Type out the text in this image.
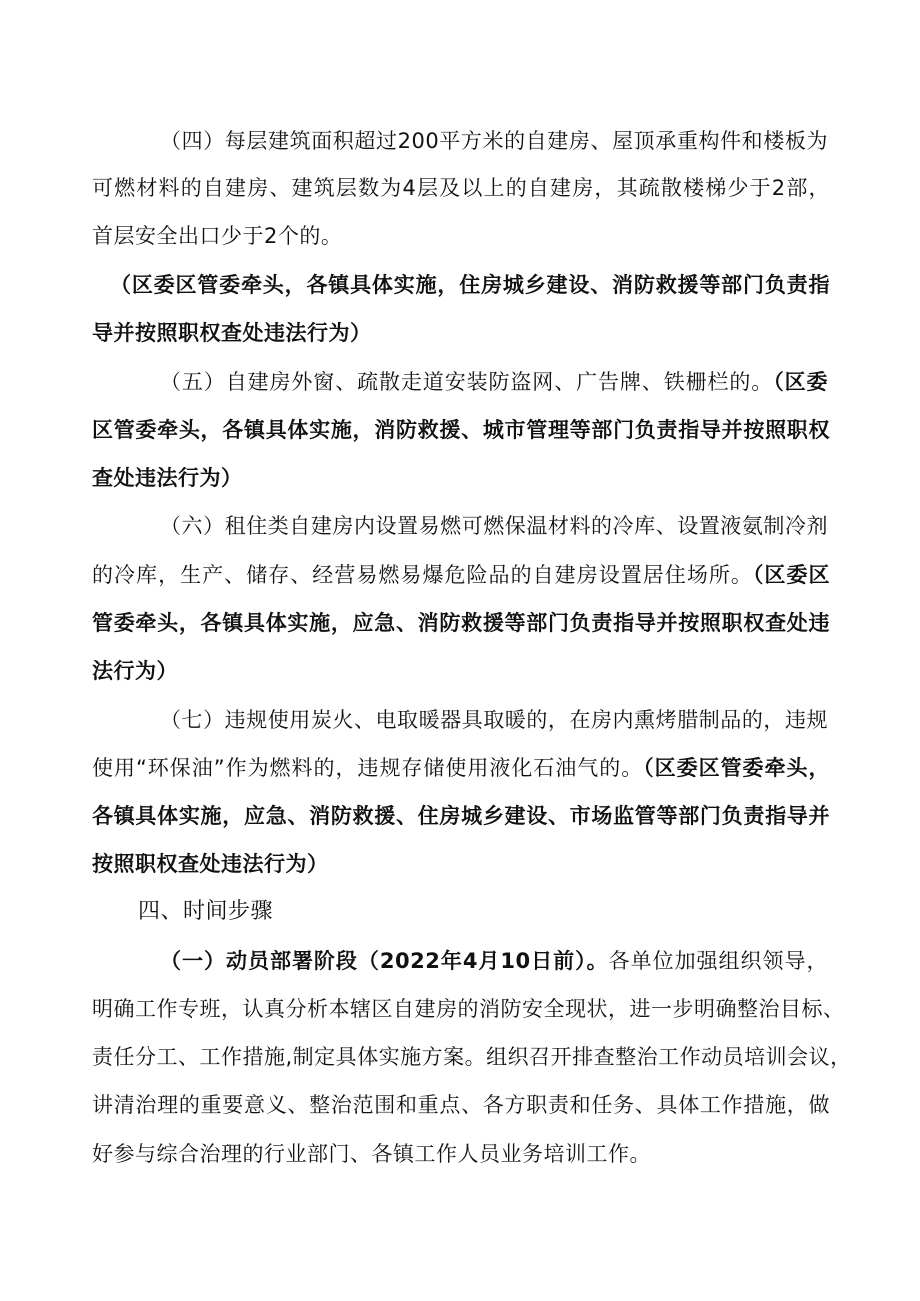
（四）每层建筑面积超过200平方米的自建房、屋顶承重构件和楼板为
可燃材料的自建房、建筑层数为4层及以上的自建房，其疏散楼梯少于2部，
首层安全出口少于2个的。
（区委区管委牵头，各镇具体实施，住房城乡建设、消防救援等部门负责指
导并按照职权查处违法行为）
（五）自建房外窗、疏散走道安装防盗网、广告牌、铁栅栏的。（区委
区管委牵头，各镇具体实施，消防救援、城市管理等部门负责指导并按照职权
查处违法行为）
（六）租住类自建房内设置易燃可燃保温材料的冷库、设置液氨制冷剂
的冷库，生产、储存、经营易燃易爆危险品的自建房设置居住场所。（区委区
管委牵头，各镇具体实施，应急、消防救援等部门负责指导并按照职权查处违
法行为）
（七）违规使用炭火、电取暖器具取暖的，在房内熏烤腊制品的，违规
使用“环保油”作为燃料的，违规存储使用液化石油气的。（区委区管委牵头，
各镇具体实施，应急、消防救援、住房城乡建设、市场监管等部门负责指导并
按照职权查处违法行为）
四、时间步骤
（一）动员部署阶段（2022年4月10日前）。各单位加强组织领导，
明确工作专班，认真分析本辖区自建房的消防安全现状，进一步明确整治目标、
责任分工、工作措施,制定具体实施方案。组织召开排查整治工作动员培训会议，
讲清治理的重要意义、整治范围和重点、各方职责和任务、具体工作措施，做
好参与综合治理的行业部门、各镇工作人员业务培训工作。
